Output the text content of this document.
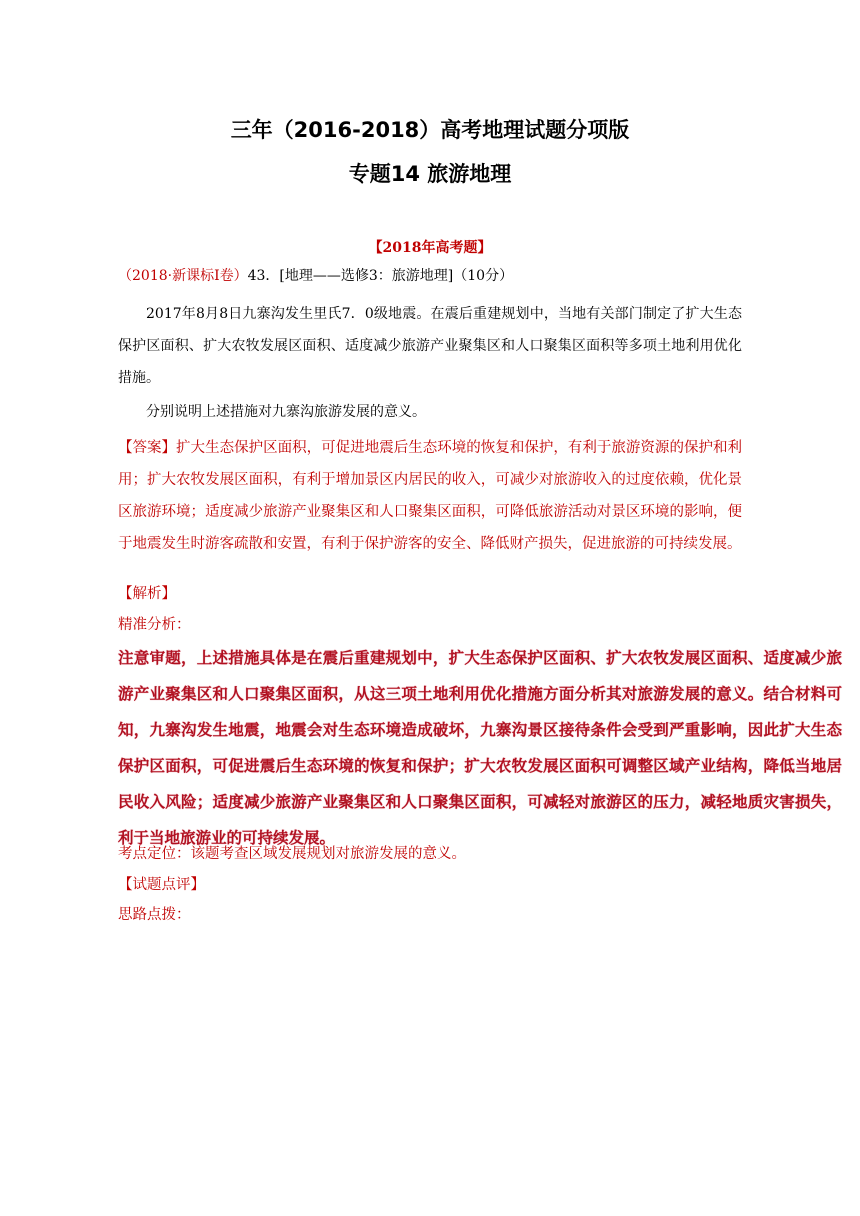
三年（2016-2018）高考地理试题分项版
专题14 旅游地理
【2018年高考题】
（2018·新课标Ⅰ卷）43．[地理——选修3：旅游地理]（10分）
2017年8月8日九寨沟发生里氏7．0级地震。在震后重建规划中，当地有关部门制定了扩大生态保护区面积、扩大农牧发展区面积、适度减少旅游产业聚集区和人口聚集区面积等多项土地利用优化措施。
分别说明上述措施对九寨沟旅游发展的意义。
【答案】扩大生态保护区面积，可促进地震后生态环境的恢复和保护，有利于旅游资源的保护和利用；扩大农牧发展区面积，有利于增加景区内居民的收入，可减少对旅游收入的过度依赖，优化景区旅游环境；适度减少旅游产业聚集区和人口聚集区面积，可降低旅游活动对景区环境的影响，便于地震发生时游客疏散和安置，有利于保护游客的安全、降低财产损失，促进旅游的可持续发展。
【解析】
精准分析：
注意审题，上述措施具体是在震后重建规划中，扩大生态保护区面积、扩大农牧发展区面积、适度减少旅游产业聚集区和人口聚集区面积，从这三项土地利用优化措施方面分析其对旅游发展的意义。结合材料可知，九寨沟发生地震，地震会对生态环境造成破坏，九寨沟景区接待条件会受到严重影响，因此扩大生态保护区面积，可促进震后生态环境的恢复和保护；扩大农牧发展区面积可调整区域产业结构，降低当地居民收入风险；适度减少旅游产业聚集区和人口聚集区面积，可减轻对旅游区的压力，减轻地质灾害损失，利于当地旅游业的可持续发展。
考点定位：该题考查区域发展规划对旅游发展的意义。
【试题点评】
思路点拨：
